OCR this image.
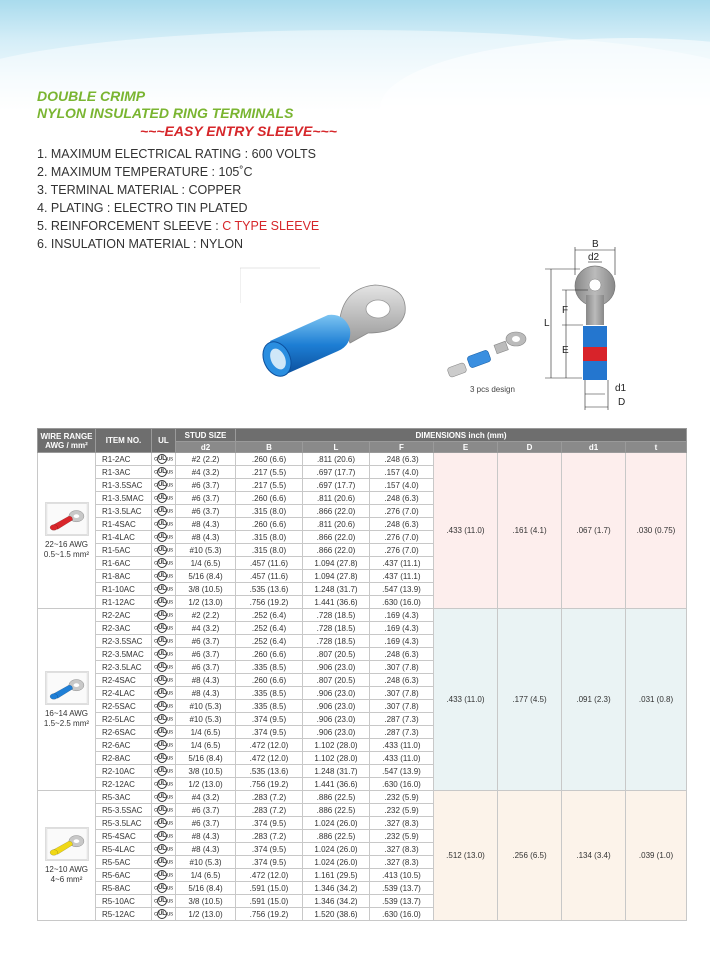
DOUBLE CRIMP
NYLON INSULATED RING TERMINALS
~~~EASY ENTRY SLEEVE~~~
1. MAXIMUM ELECTRICAL RATING : 600 VOLTS
2. MAXIMUM TEMPERATURE : 105˚C
3. TERMINAL MATERIAL : COPPER
4. PLATING : ELECTRO TIN PLATED
5. REINFORCEMENT SLEEVE : C TYPE SLEEVE
6. INSULATION MATERIAL : NYLON
3 pcs design
B
d2
L
F
E
d1
D
WIRE RANGE
AWG / mm²	ITEM NO.	UL	STUD SIZE	DIMENSIONS inch (mm)						
			d2	B	L	F	E	D	d1	t

22~16 AWG
0.5~1.5 mm²	R1-2AC	cULus	#2 (2.2)	.260 (6.6)	.811 (20.6)	.248 (6.3)	.433 (11.0)	.161 (4.1)	.067 (1.7)	.030 (0.75)
	R1-3AC	cULus	#4 (3.2)	.217 (5.5)	.697 (17.7)	.157 (4.0)				
	R1-3.5SAC	cULus	#6 (3.7)	.217 (5.5)	.697 (17.7)	.157 (4.0)				
	R1-3.5MAC	cULus	#6 (3.7)	.260 (6.6)	.811 (20.6)	.248 (6.3)				
	R1-3.5LAC	cULus	#6 (3.7)	.315 (8.0)	.866 (22.0)	.276 (7.0)				
	R1-4SAC	cULus	#8 (4.3)	.260 (6.6)	.811 (20.6)	.248 (6.3)				
	R1-4LAC	cULus	#8 (4.3)	.315 (8.0)	.866 (22.0)	.276 (7.0)				
	R1-5AC	cULus	#10 (5.3)	.315 (8.0)	.866 (22.0)	.276 (7.0)				
	R1-6AC	cULus	1/4 (6.5)	.457 (11.6)	1.094 (27.8)	.437 (11.1)				
	R1-8AC	cULus	5/16 (8.4)	.457 (11.6)	1.094 (27.8)	.437 (11.1)				
	R1-10AC	cULus	3/8 (10.5)	.535 (13.6)	1.248 (31.7)	.547 (13.9)				
	R1-12AC	cULus	1/2 (13.0)	.756 (19.2)	1.441 (36.6)	.630 (16.0)				

16~14 AWG
1.5~2.5 mm²	R2-2AC	cULus	#2 (2.2)	.252 (6.4)	.728 (18.5)	.169 (4.3)	.433 (11.0)	.177 (4.5)	.091 (2.3)	.031 (0.8)
	R2-3AC	cULus	#4 (3.2)	.252 (6.4)	.728 (18.5)	.169 (4.3)				
	R2-3.5SAC	cULus	#6 (3.7)	.252 (6.4)	.728 (18.5)	.169 (4.3)				
	R2-3.5MAC	cULus	#6 (3.7)	.260 (6.6)	.807 (20.5)	.248 (6.3)				
	R2-3.5LAC	cULus	#6 (3.7)	.335 (8.5)	.906 (23.0)	.307 (7.8)				
	R2-4SAC	cULus	#8 (4.3)	.260 (6.6)	.807 (20.5)	.248 (6.3)				
	R2-4LAC	cULus	#8 (4.3)	.335 (8.5)	.906 (23.0)	.307 (7.8)				
	R2-5SAC	cULus	#10 (5.3)	.335 (8.5)	.906 (23.0)	.307 (7.8)				
	R2-5LAC	cULus	#10 (5.3)	.374 (9.5)	.906 (23.0)	.287 (7.3)				
	R2-6SAC	cULus	1/4 (6.5)	.374 (9.5)	.906 (23.0)	.287 (7.3)				
	R2-6AC	cULus	1/4 (6.5)	.472 (12.0)	1.102 (28.0)	.433 (11.0)				
	R2-8AC	cULus	5/16 (8.4)	.472 (12.0)	1.102 (28.0)	.433 (11.0)				
	R2-10AC	cULus	3/8 (10.5)	.535 (13.6)	1.248 (31.7)	.547 (13.9)				
	R2-12AC	cULus	1/2 (13.0)	.756 (19.2)	1.441 (36.6)	.630 (16.0)				

12~10 AWG
4~6 mm²	R5-3AC	cULus	#4 (3.2)	.283 (7.2)	.886 (22.5)	.232 (5.9)	.512 (13.0)	.256 (6.5)	.134 (3.4)	.039 (1.0)
	R5-3.5SAC	cULus	#6 (3.7)	.283 (7.2)	.886 (22.5)	.232 (5.9)				
	R5-3.5LAC	cULus	#6 (3.7)	.374 (9.5)	1.024 (26.0)	.327 (8.3)				
	R5-4SAC	cULus	#8 (4.3)	.283 (7.2)	.886 (22.5)	.232 (5.9)				
	R5-4LAC	cULus	#8 (4.3)	.374 (9.5)	1.024 (26.0)	.327 (8.3)				
	R5-5AC	cULus	#10 (5.3)	.374 (9.5)	1.024 (26.0)	.327 (8.3)				
	R5-6AC	cULus	1/4 (6.5)	.472 (12.0)	1.161 (29.5)	.413 (10.5)				
	R5-8AC	cULus	5/16 (8.4)	.591 (15.0)	1.346 (34.2)	.539 (13.7)				
	R5-10AC	cULus	3/8 (10.5)	.591 (15.0)	1.346 (34.2)	.539 (13.7)				
	R5-12AC	cULus	1/2 (13.0)	.756 (19.2)	1.520 (38.6)	.630 (16.0)				
